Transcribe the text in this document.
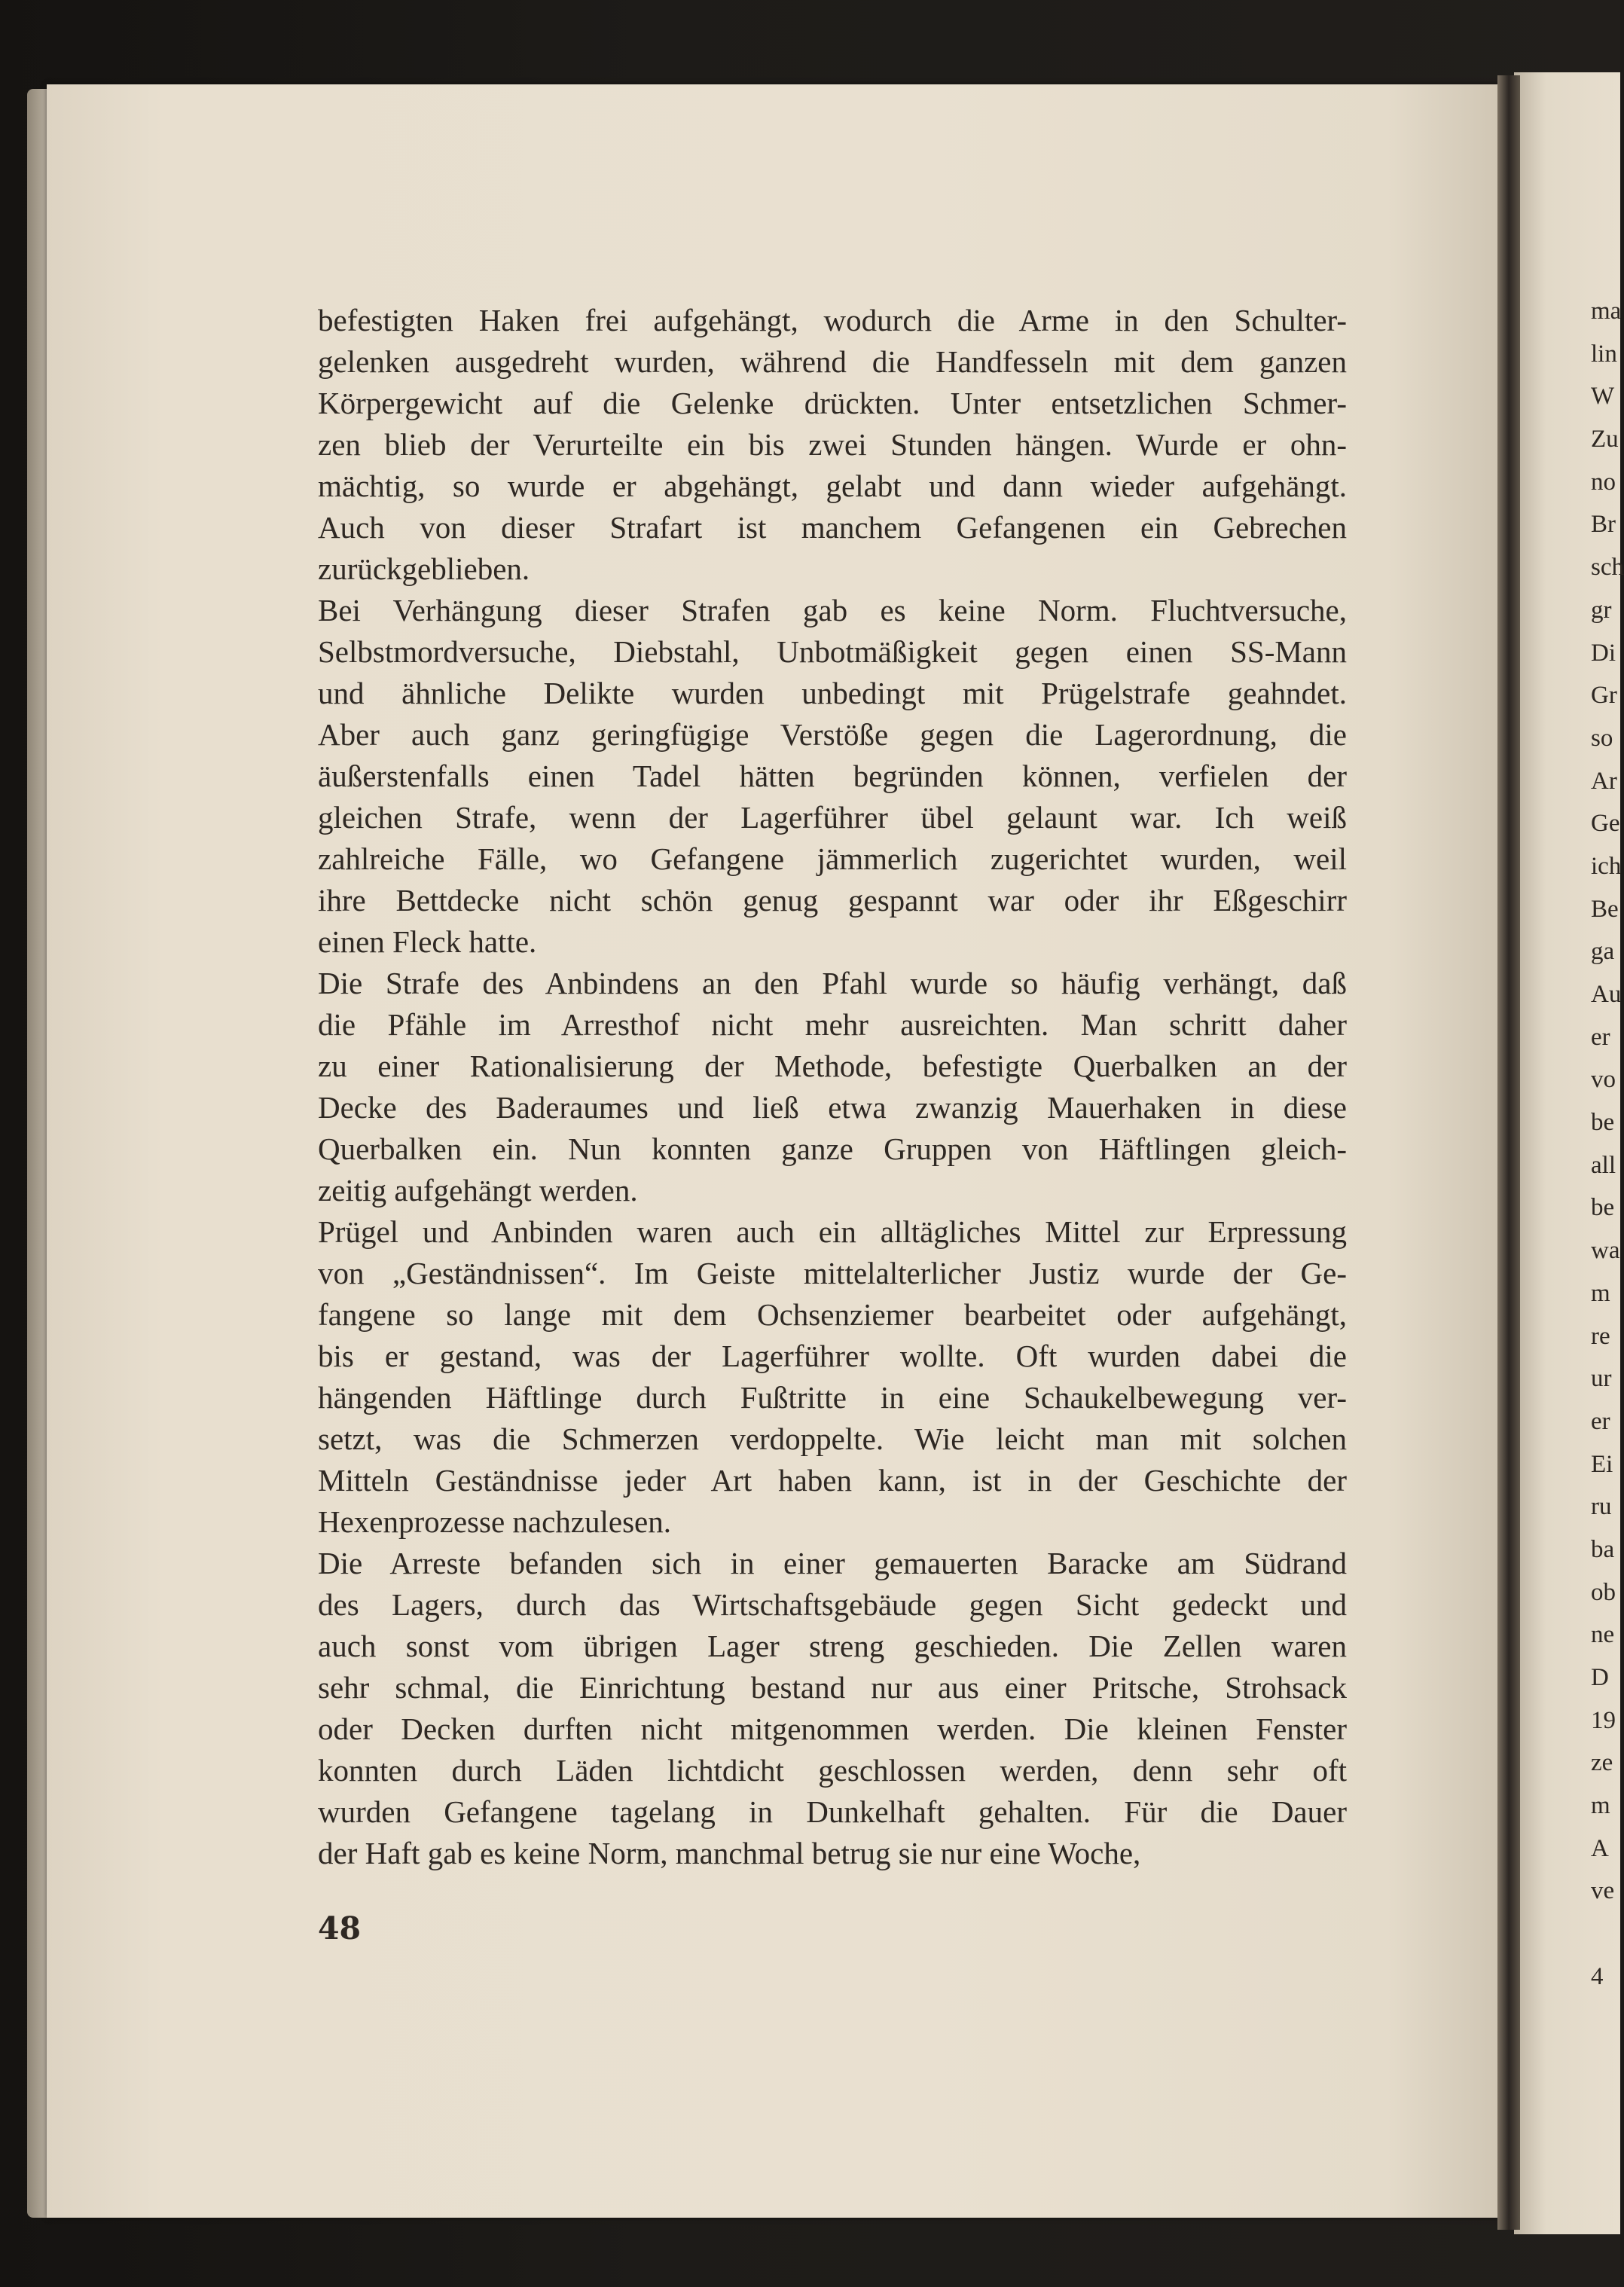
ma
lin
W
Zu
no
Br
sch
gr
Di
Gr
so
Ar
Ge
ich
Be
ga
Au
er
vo
be
all
be
wa
m
re
ur
er
Ei
ru
ba
ob
ne
D
19
ze
m
A
ve
4

befestigten Haken frei aufgehängt, wodurch die Arme in den Schulter-
gelenken ausgedreht wurden, während die Handfesseln mit dem ganzen
Körpergewicht auf die Gelenke drückten. Unter entsetzlichen Schmer-
zen blieb der Verurteilte ein bis zwei Stunden hängen. Wurde er ohn-
mächtig, so wurde er abgehängt, gelabt und dann wieder aufgehängt.
Auch von dieser Strafart ist manchem Gefangenen ein Gebrechen
zurückgeblieben.

Bei Verhängung dieser Strafen gab es keine Norm. Fluchtversuche,
Selbstmordversuche, Diebstahl, Unbotmäßigkeit gegen einen SS-Mann
und ähnliche Delikte wurden unbedingt mit Prügelstrafe geahndet.
Aber auch ganz geringfügige Verstöße gegen die Lagerordnung, die
äußerstenfalls einen Tadel hätten begründen können, verfielen der
gleichen Strafe, wenn der Lagerführer übel gelaunt war. Ich weiß
zahlreiche Fälle, wo Gefangene jämmerlich zugerichtet wurden, weil
ihre Bettdecke nicht schön genug gespannt war oder ihr Eßgeschirr
einen Fleck hatte.

Die Strafe des Anbindens an den Pfahl wurde so häufig verhängt, daß
die Pfähle im Arresthof nicht mehr ausreichten. Man schritt daher
zu einer Rationalisierung der Methode, befestigte Querbalken an der
Decke des Baderaumes und ließ etwa zwanzig Mauerhaken in diese
Querbalken ein. Nun konnten ganze Gruppen von Häftlingen gleich-
zeitig aufgehängt werden.

Prügel und Anbinden waren auch ein alltägliches Mittel zur Erpressung
von „Geständnissen“. Im Geiste mittelalterlicher Justiz wurde der Ge-
fangene so lange mit dem Ochsenziemer bearbeitet oder aufgehängt,
bis er gestand, was der Lagerführer wollte. Oft wurden dabei die
hängenden Häftlinge durch Fußtritte in eine Schaukelbewegung ver-
setzt, was die Schmerzen verdoppelte. Wie leicht man mit solchen
Mitteln Geständnisse jeder Art haben kann, ist in der Geschichte der
Hexenprozesse nachzulesen.

Die Arreste befanden sich in einer gemauerten Baracke am Südrand
des Lagers, durch das Wirtschaftsgebäude gegen Sicht gedeckt und
auch sonst vom übrigen Lager streng geschieden. Die Zellen waren
sehr schmal, die Einrichtung bestand nur aus einer Pritsche, Strohsack
oder Decken durften nicht mitgenommen werden. Die kleinen Fenster
konnten durch Läden lichtdicht geschlossen werden, denn sehr oft
wurden Gefangene tagelang in Dunkelhaft gehalten. Für die Dauer
der Haft gab es keine Norm, manchmal betrug sie nur eine Woche,

48
